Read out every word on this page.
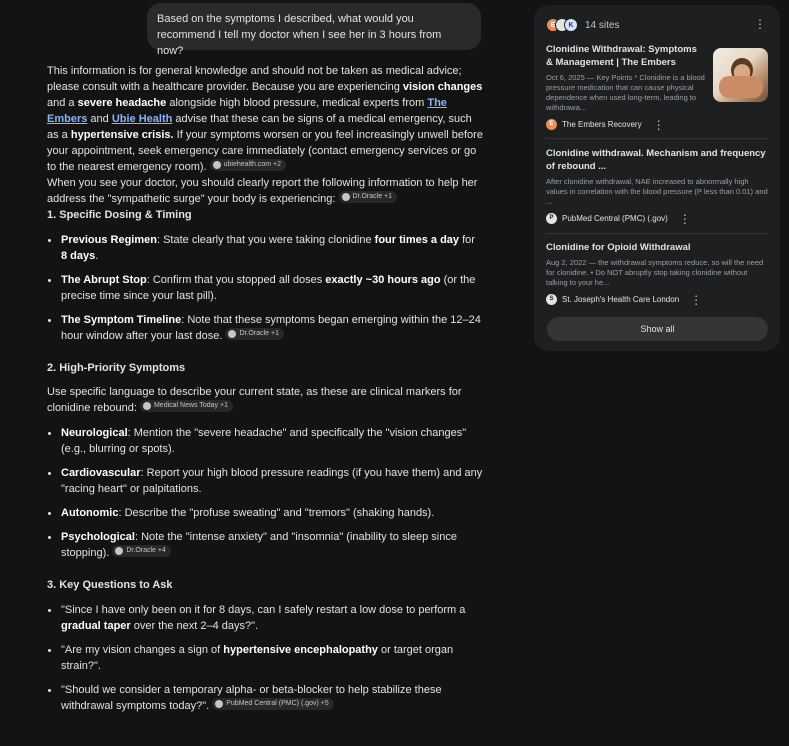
Based on the symptoms I described, what would you recommend I tell my doctor when I see her in 3 hours from now?

This information is for general knowledge and should not be taken as medical advice; please consult with a healthcare provider. Because you are experiencing vision changes and a severe headache alongside high blood pressure, medical experts from The Embers and Ubie Health advise that these can be signs of a medical emergency, such as a hypertensive crisis. If your symptoms worsen or you feel increasingly unwell before your appointment, seek emergency care immediately (contact emergency services or go to the nearest emergency room). ubiehealth.com +2

When you see your doctor, you should clearly report the following information to help her address the "sympathetic surge" your body is experiencing: Dr.Oracle +1

1. Specific Dosing & Timing
Previous Regimen: State clearly that you were taking clonidine four times a day for 8 days.
The Abrupt Stop: Confirm that you stopped all doses exactly ~30 hours ago (or the precise time since your last pill).
The Symptom Timeline: Note that these symptoms began emerging within the 12–24 hour window after your last dose. Dr.Oracle +1
2. High-Priority Symptoms

Use specific language to describe your current state, as these are clinical markers for clonidine rebound: Medical News Today +1

Neurological: Mention the "severe headache" and specifically the "vision changes" (e.g., blurring or spots).
Cardiovascular: Report your high blood pressure readings (if you have them) and any "racing heart" or palpitations.
Autonomic: Describe the "profuse sweating" and "tremors" (shaking hands).
Psychological: Note the "intense anxiety" and "insomnia" (inability to sleep since stopping). Dr.Oracle +4
3. Key Questions to Ask
"Since I have only been on it for 8 days, can I safely restart a low dose to perform a gradual taper over the next 2–4 days?".
"Are my vision changes a sign of hypertensive encephalopathy or target organ strain?".
"Should we consider a temporary alpha- or beta-blocker to help stabilize these withdrawal symptoms today?". PubMed Central (PMC) (.gov) +5
E	K	14 sites	⋮
Clonidine Withdrawal: Symptoms & Management | The Embers
Oct 6, 2025 — Key Points * Clonidine is a blood pressure medication that can cause physical dependence when used long-term, leading to withdrawa...
E	The Embers Recovery ⋮
Clonidine withdrawal. Mechanism and frequency of rebound ...
After clonidine withdrawal, NAE increased to abnormally high values in correlation with the blood pressure (P less than 0.01) and ...
P	PubMed Central (PMC) (.gov) ⋮
Clonidine for Opioid Withdrawal
Aug 2, 2022 — the withdrawal symptoms reduce, so will the need for clonidine. • Do NOT abruptly stop taking clonidine without talking to your he...
S	St. Joseph's Health Care London ⋮
Show all
